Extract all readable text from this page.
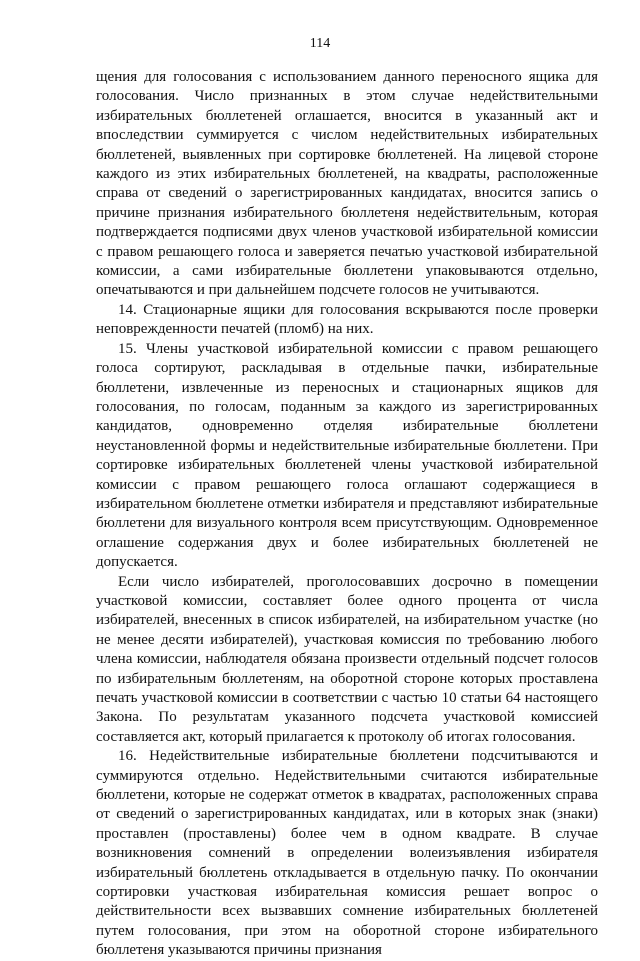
114

щения для голосования с использованием данного переносного ящика для голосования. Число признанных в этом случае недействительными избирательных бюллетеней оглашается, вносится в указанный акт и впоследствии суммируется с числом недействительных избирательных бюллетеней, выявленных при сортировке бюллетеней. На лицевой стороне каждого из этих избирательных бюллетеней, на квадраты, расположенные справа от сведений о зарегистрированных кандидатах, вносится запись о причине признания избирательного бюллетеня недействительным, которая подтверждается подписями двух членов участковой избирательной комиссии с правом решающего голоса и заверяется печатью участковой избирательной комиссии, а сами избирательные бюллетени упаковываются отдельно, опечатываются и при дальнейшем подсчете голосов не учитываются.

14. Стационарные ящики для голосования вскрываются после проверки неповрежденности печатей (пломб) на них.

15. Члены участковой избирательной комиссии с правом решающего голоса сортируют, раскладывая в отдельные пачки, избирательные бюллетени, извлеченные из переносных и стационарных ящиков для голосования, по голосам, поданным за каждого из зарегистрированных кандидатов, одновременно отделяя избирательные бюллетени неустановленной формы и недействительные избирательные бюллетени. При сортировке избирательных бюллетеней члены участковой избирательной комиссии с правом решающего голоса оглашают содержащиеся в избирательном бюллетене отметки избирателя и представляют избирательные бюллетени для визуального контроля всем присутствующим. Одновременное оглашение содержания двух и более избирательных бюллетеней не допускается.

Если число избирателей, проголосовавших досрочно в помещении участковой комиссии, составляет более одного процента от числа избирателей, внесенных в список избирателей, на избирательном участке (но не менее десяти избирателей), участковая комиссия по требованию любого члена комиссии, наблюдателя обязана произвести отдельный подсчет голосов по избирательным бюллетеням, на оборотной стороне которых проставлена печать участковой комиссии в соответствии с частью 10 статьи 64 настоящего Закона. По результатам указанного подсчета участковой комиссией составляется акт, который прилагается к протоколу об итогах голосования.

16. Недействительные избирательные бюллетени подсчитываются и суммируются отдельно. Недействительными считаются избирательные бюллетени, которые не содержат отметок в квадратах, расположенных справа от сведений о зарегистрированных кандидатах, или в которых знак (знаки) проставлен (проставлены) более чем в одном квадрате. В случае возникновения сомнений в определении волеизъявления избирателя избирательный бюллетень откладывается в отдельную пачку. По окончании сортировки участковая избирательная комиссия решает вопрос о действительности всех вызвавших сомнение избирательных бюллетеней путем голосования, при этом на оборотной стороне избирательного бюллетеня указываются причины признания
